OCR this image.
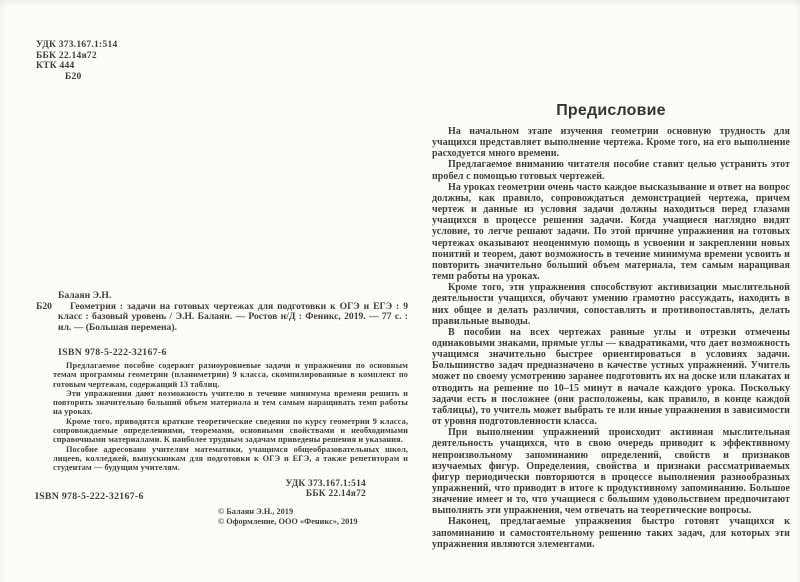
УДК 373.167.1:514
ББК 22.14я72
КТК 444
Б20
Балаян Э.Н.
Б20	Геометрия : задачи на готовых чертежах для подготовки к ОГЭ и ЕГЭ : 9 класс : базовый уровень / Э.Н. Балаян. — Ростов н/Д : Феникс, 2019. — 77 с. : ил. — (Большая перемена).

ISBN 978-5-222-32167-6

Предлагаемое пособие содержит разноуровневые задачи и упражнения по основным темам программы геометрии (планиметрии) 9 класса, скомпилированные в комплект по готовым чертежам, содержащий 13 таблиц.

Эти упражнения дают возможность учителю в течение минимума времени решить и повторить значительно больший объем материала и тем самым наращивать темп работы на уроках.

Кроме того, приводятся краткие теоретические сведения по курсу геометрии 9 класса, сопровождаемые определениями, теоремами, основными свойствами и необходимыми справочными материалами. К наиболее трудным задачам приведены решения и указания.

Пособие адресовано учителям математики, учащимся общеобразовательных школ, лицеев, колледжей, выпускникам для подготовки к ОГЭ и ЕГЭ, а также репетиторам и студентам — будущим учителям.

УДК 373.167.1:514
ББК 22.14я72
ISBN 978-5-222-32167-6
© Балаян Э.Н., 2019
© Оформление, ООО «Феникс», 2019
Предисловие

На начальном этапе изучения геометрии основную трудность для учащихся представляет выполнение чертежа. Кроме того, на его выполнение расходуется много времени.

Предлагаемое вниманию читателя пособие ставит целью устранить этот пробел с помощью готовых чертежей.

На уроках геометрии очень часто каждое высказывание и ответ на вопрос должны, как правило, сопровождаться демонстрацией чертежа, причем чертеж и данные из условия задачи должны находиться перед глазами учащихся в процессе решения задачи. Когда учащиеся наглядно видят условие, то легче решают задачи. По этой причине упражнения на готовых чертежах оказывают неоценимую помощь в усвоении и закреплении новых понятий и теорем, дают возможность в течение минимума времени усвоить и повторить значительно бо́льший объем материала, тем самым наращивая темп работы на уроках.

Кроме того, эти упражнения способствуют активизации мыслительной деятельности учащихся, обучают умению грамотно рассуждать, находить в них общее и делать различия, сопоставлять и противопоставлять, делать правильные выводы.

В пособии на всех чертежах равные углы и отрезки отмечены одинаковыми знаками, прямые углы — квадратиками, что дает возможность учащимся значительно быстрее ориентироваться в условиях задачи. Большинство задач предназначено в качестве устных упражнений. Учитель может по своему усмотрению заранее подготовить их на доске или плакатах и отводить на решение по 10–15 минут в начале каждого урока. Поскольку задачи есть и посложнее (они расположены, как правило, в конце каждой таблицы), то учитель может выбрать те или иные упражнения в зависимости от уровня подготовленности класса.

При выполнении упражнений происходит активная мыслительная деятельность учащихся, что в свою очередь приводит к эффективному непроизвольному запоминанию определений, свойств и признаков изучаемых фигур. Определения, свойства и признаки рассматриваемых фигур периодически повторяются в процессе выполнения разнообразных упражнений, что приводит в итоге к продуктивному запоминанию. Большое значение имеет и то, что учащиеся с бо́льшим удовольствием предпочитают выполнять эти упражнения, чем отвечать на теоретические вопросы.

Наконец, предлагаемые упражнения быстро готовят учащихся к запоминанию и самостоятельному решению таких задач, для которых эти упражнения являются элементами.
